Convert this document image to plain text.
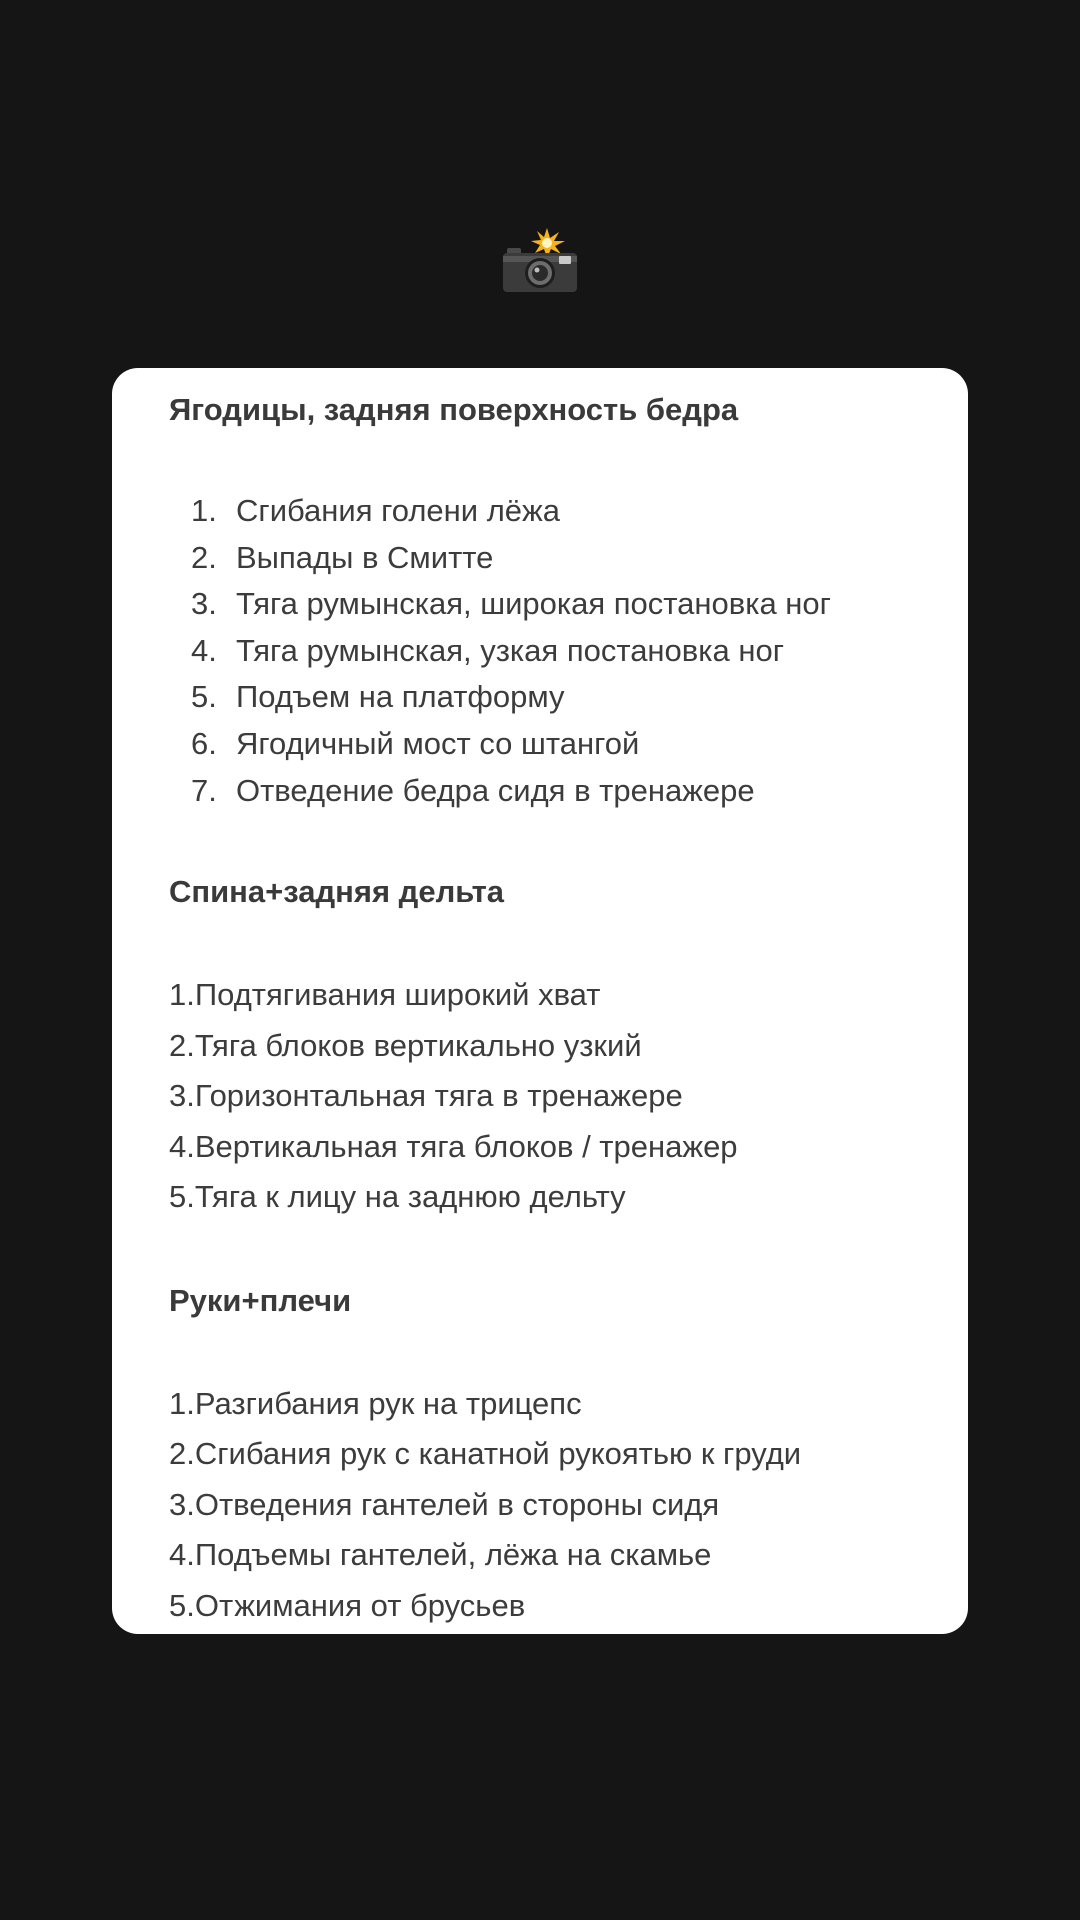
Ягодицы, задняя поверхность бедра
1. Сгибания голени лёжа
2. Выпады в Смитте
3. Тяга румынская, широкая постановка ног
4. Тяга румынская, узкая постановка ног
5. Подъем на платформу
6. Ягодичный мост со штангой
7. Отведение бедра сидя в тренажере
Спина+задняя дельта
1.Подтягивания широкий хват
2.Тяга блоков вертикально узкий
3.Горизонтальная тяга в тренажере
4.Вертикальная тяга блоков / тренажер
5.Тяга к лицу на заднюю дельту
Руки+плечи
1.Разгибания рук на трицепс
2.Сгибания рук с канатной рукоятью к груди
3.Отведения гантелей в стороны сидя
4.Подъемы гантелей, лёжа на скамье
5.Отжимания от брусьев
